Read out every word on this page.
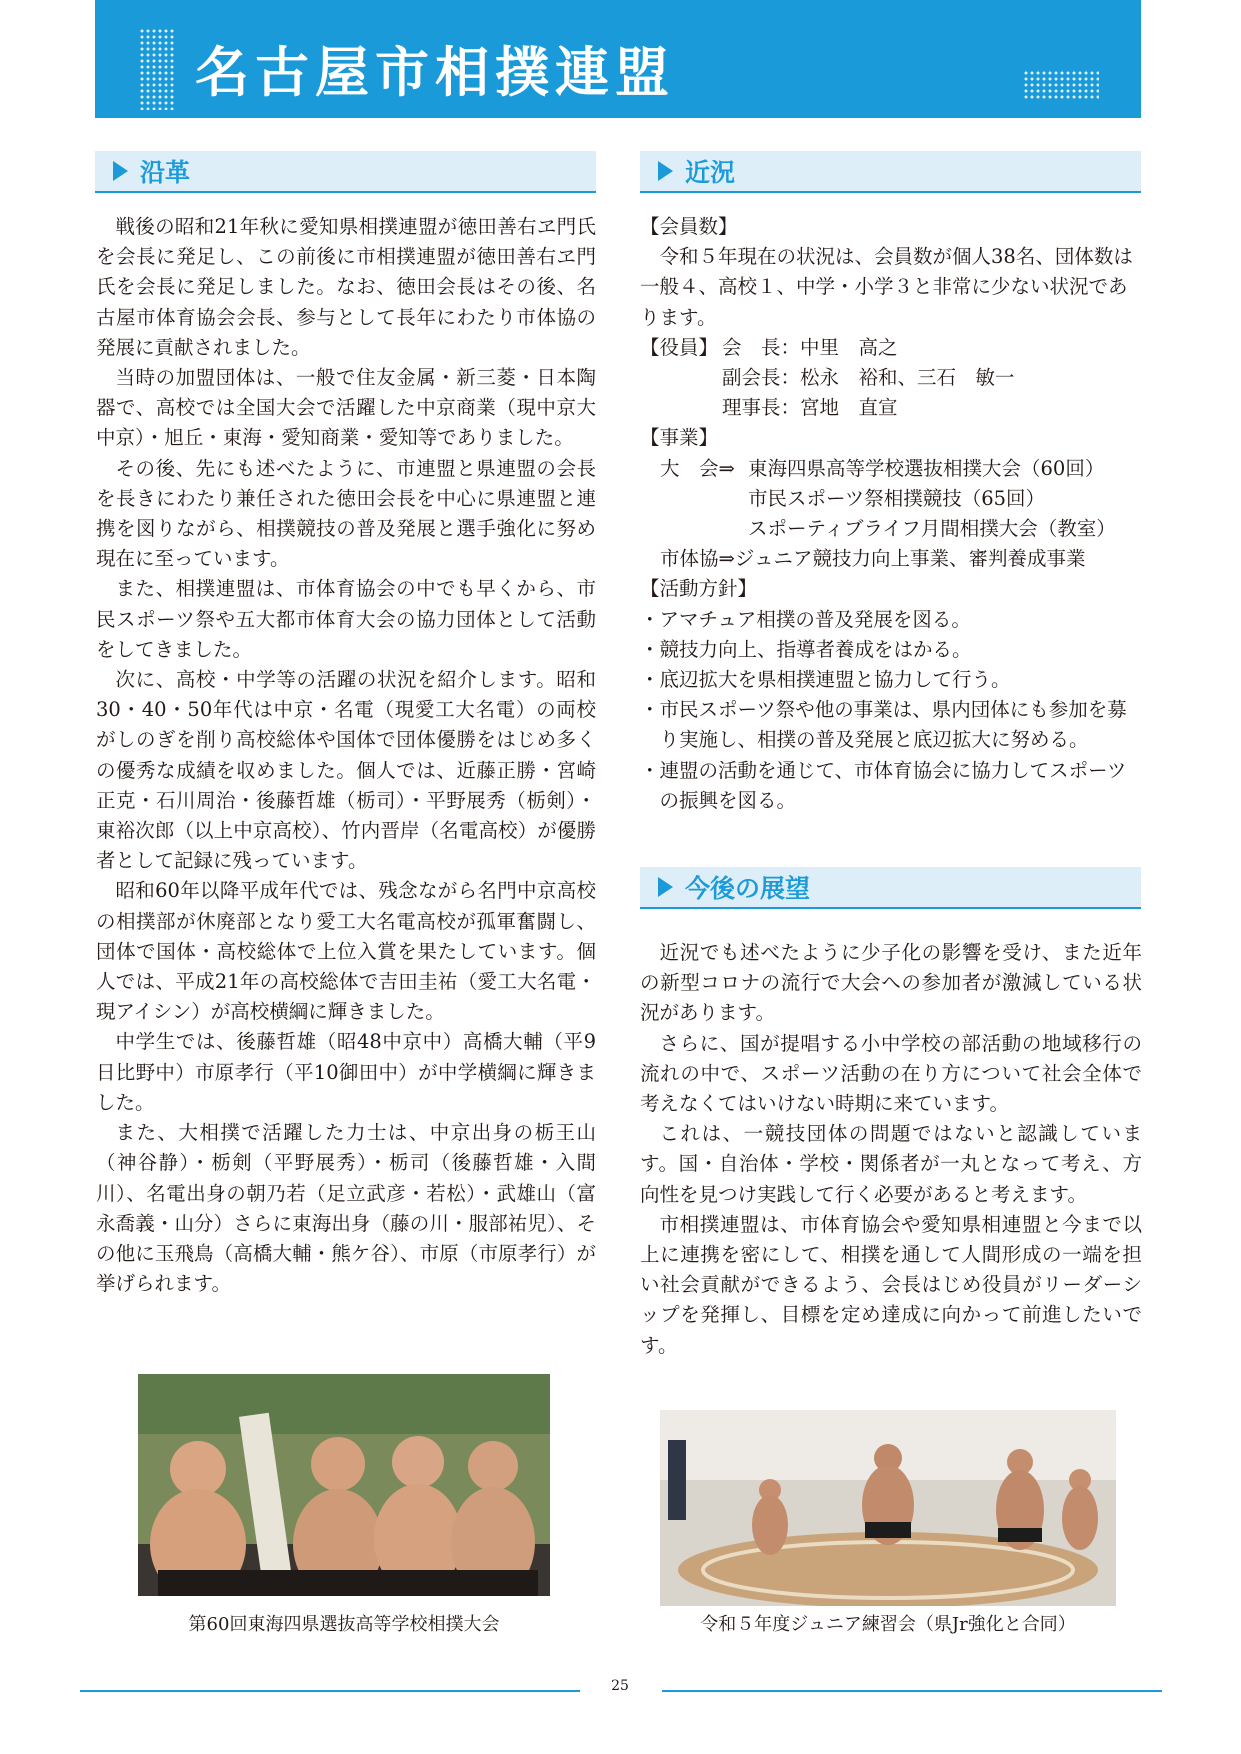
名古屋市相撲連盟
沿革

戦後の昭和21年秋に愛知県相撲連盟が徳田善右ヱ門氏を会長に発足し、この前後に市相撲連盟が徳田善右ヱ門氏を会長に発足しました。なお、徳田会長はその後、名古屋市体育協会会長、参与として長年にわたり市体協の発展に貢献されました。

当時の加盟団体は、一般で住友金属・新三菱・日本陶器で、高校では全国大会で活躍した中京商業（現中京大中京）・旭丘・東海・愛知商業・愛知等でありました。

その後、先にも述べたように、市連盟と県連盟の会長を長きにわたり兼任された徳田会長を中心に県連盟と連携を図りながら、相撲競技の普及発展と選手強化に努め現在に至っています。

また、相撲連盟は、市体育協会の中でも早くから、市民スポーツ祭や五大都市体育大会の協力団体として活動をしてきました。

次に、高校・中学等の活躍の状況を紹介します。昭和30・40・50年代は中京・名電（現愛工大名電）の両校がしのぎを削り高校総体や国体で団体優勝をはじめ多くの優秀な成績を収めました。個人では、近藤正勝・宮崎正克・石川周治・後藤哲雄（栃司）・平野展秀（栃剣）・東裕次郎（以上中京高校）、竹内晋岸（名電高校）が優勝者として記録に残っています。

昭和60年以降平成年代では、残念ながら名門中京高校の相撲部が休廃部となり愛工大名電高校が孤軍奮闘し、団体で国体・高校総体で上位入賞を果たしています。個人では、平成21年の高校総体で吉田圭祐（愛工大名電・現アイシン）が高校横綱に輝きました。

中学生では、後藤哲雄（昭48中京中）高橋大輔（平9日比野中）市原孝行（平10御田中）が中学横綱に輝きました。

また、大相撲で活躍した力士は、中京出身の栃王山（神谷静）・栃剣（平野展秀）・栃司（後藤哲雄・入間川）、名電出身の朝乃若（足立武彦・若松）・武雄山（富永喬義・山分）さらに東海出身（藤の川・服部祐児）、その他に玉飛鳥（高橋大輔・熊ケ谷）、市原（市原孝行）が挙げられます。

近況

【会員数】

令和５年現在の状況は、会員数が個人38名、団体数は一般４、高校１、中学・小学３と非常に少ない状況であります。

【役員】 会　長：中里　高之
副会長：松永　裕和、三石　敏一
理事長：宮地　直宣

【事業】

大　会⇒ 東海四県高等学校選抜相撲大会（60回）
市民スポーツ祭相撲競技（65回）
スポーティブライフ月間相撲大会（教室）
市体協⇒ジュニア競技力向上事業、審判養成事業

【活動方針】

・アマチュア相撲の普及発展を図る。

・競技力向上、指導者養成をはかる。

・底辺拡大を県相撲連盟と協力して行う。

・市民スポーツ祭や他の事業は、県内団体にも参加を募り実施し、相撲の普及発展と底辺拡大に努める。

・連盟の活動を通じて、市体育協会に協力してスポーツの振興を図る。

今後の展望

近況でも述べたように少子化の影響を受け、また近年の新型コロナの流行で大会への参加者が激減している状況があります。

さらに、国が提唱する小中学校の部活動の地域移行の流れの中で、スポーツ活動の在り方について社会全体で考えなくてはいけない時期に来ています。

これは、一競技団体の問題ではないと認識しています。国・自治体・学校・関係者が一丸となって考え、方向性を見つけ実践して行く必要があると考えます。

市相撲連盟は、市体育協会や愛知県相連盟と今まで以上に連携を密にして、相撲を通して人間形成の一端を担い社会貢献ができるよう、会長はじめ役員がリーダーシップを発揮し、目標を定め達成に向かって前進したいです。

第60回東海四県選抜高等学校相撲大会	令和５年度ジュニア練習会（県Jr強化と合同）
25
